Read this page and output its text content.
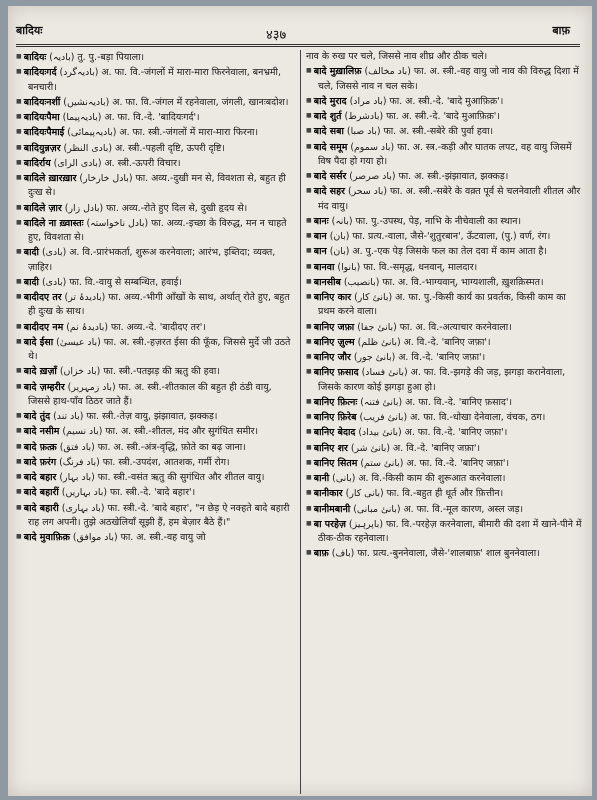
बादियः	४३७	बाफ़

■ बादियः (بادیہ) तु. पु.-बड़ा पियाला।

■ बादियःगर्द (بادیہ‌گرد) अ. फा. वि.-जंगलों में मारा-मारा फिरनेवाला, बनभ्रमी, बनचारी।

■ बादियःनशीं (بادیہ‌نشیں) अ. फा. वि.-जंगल में रहनेवाला, जंगली, खानःबदोश।

■ बादियःपैमा (بادیہ‌پیما) अ. फा. वि.-दे. 'बादियःगर्द'।

■ बादियःपैमाई (بادیہ‌پیمائی) अ. फा. स्त्री.-जंगलों में मारा-मारा फिरना।

■ बादियुन्नज़र (بادی النظر) अ. स्त्री.-पहली दृष्टि, ऊपरी दृष्टि।

■ बादिर्राय (بادی الرای) अ. स्त्री.-ऊपरी विचार।

■ बादिले ख़ारख़ार (بادل خارخار) फा. अव्य.-दुखी मन से, विवशता से, बहुत ही दुःख से।

■ बादिले ज़ार (بادل زار) फा. अव्य.-रोते हुए दिल से, दुखी हृदय से।

■ बादिले ना ख़्वास्तः (بادل ناخواستہ) फा. अव्य.-इच्छा के विरुद्ध, मन न चाहते हुए, विवशता से।

■ बादी (بادی) अ. वि.-प्रारंभकर्ता, शुरूअ करनेवाला; आरंभ, इब्तिदा; व्यक्त, ज़ाहिर।

■ बादी (بادی) फा. वि.-वायु से सम्बन्धित, हवाई।

■ बादीदए तर (بادیدۂ تر) फा. अव्य.-भीगी आँखों के साथ, अर्थात् रोते हुए, बहुत ही दुःख के साथ।

■ बादीदए नम (بادیدۂ نم) फा. अव्य.-दे. 'बादीदए तर'।

■ बादे ईसा (باد عیسیٰ) फा. अ. स्त्री.-हज़रत ईसा की फूँक, जिससे मुर्दे जी उठते थे।

■ बादे ख़ज़ाँ (باد خزاں) फा. स्त्री.-पतझड़ की ऋतु की हवा।

■ बादे ज़म्हरीर (باد زمہریر) फा. अ. स्त्री.-शीतकाल की बहुत ही ठंडी वायु, जिससे हाथ-पाँव ठिठर जाते हैं।

■ बादे तुंद (باد تند) फा. स्त्री.-तेज़ वायु, झंझावात, झक्कड़।

■ बादे नसीम (باد نسیم) फा. अ. स्त्री.-शीतल, मंद और सुगंधित समीर।

■ बादे फ़त्क़ (باد فتق) फा. अ. स्त्री.-अंत्र-वृद्धि, फ़ोते का बढ़ जाना।

■ बादे फ़रंग (باد فرنگ) फा. स्त्री.-उपदंश, आतशक, गर्मी रोग।

■ बादे बहार (باد بہار) फा. स्त्री.-वसंत ऋतु की सुगंधित और शीतल वायु।

■ बादे बहारीं (باد بہاریں) फा. स्त्री.-दे. 'बादे बहार'।

■ बादे बहारी (باد بہاری) फा. स्त्री.-दे. 'बादे बहार', "न छेड़ ऐ नक्हते बादे बहारी राह लग अपनी। तुझे अठखेलियाँ सूझी हैं, हम बेज़ार बैठे हैं।"

■ बादे मुवाफ़िक़ (باد موافق) फा. अ. स्त्री.-वह वायु जो

नाव के रुख पर चले, जिससे नाव शीघ्र और ठीक चले।

■ बादे मुख़ालिफ़ (باد مخالف) फा. अ. स्त्री.-वह वायु जो नाव की विरुद्ध दिशा में चले, जिससे नाव न चल सके।

■ बादे मुराद (باد مراد) फा. अ. स्त्री.-दे. 'बादे मुआफ़िक़'।

■ बादे शुर्त (بادشرط) फा. अ. स्त्री.-दे. 'बादे मुआफ़िक़'।

■ बादे सबा (باد صبا) फा. अ. स्त्री.-सबेरे की पुर्वा हवा।

■ बादे समूम (باد سموم) फा. अ. स्त्र.-कड़ी और घातक लपट, वह वायु जिसमें विष पैदा हो गया हो।

■ बादे सर्सर (باد صرصر) फा. अ. स्त्री.-झंझावात, झक्कड़।

■ बादे सहर (باد سحر) फा. अ. स्त्री.-सबेरे के वक़्त पूर्व से चलनेवाली शीतल और मंद वायु।

■ बानः (بانہ) फा. पु.-उपस्थ, पेड़, नाभि के नीचेवाली का स्थान।

■ बान (بان) फा. प्रत्य.-वाला, जैसे-'शुतुरबान', ऊँटवाला, (पु.) वर्ण, रंग।

■ बान (بان) अ. पु.-एक पेड़ जिसके फल का तेल दवा में काम आता है।

■ बानवा (بانوا) फा. वि.-समृद्ध, धनवान्, मालदार।

■ बानसीब (بانصیب) फा. अ. वि.-भाग्यवान्, भाग्यशाली, ख़ुशक़िस्मत।

■ बानिए कार (بانئ کار) अ. फा. पु.-किसी कार्य का प्रवर्तक, किसी काम का प्रथम करने वाला।

■ बानिए जफ़ा (بانئ جفا) फा. अ. वि.-अत्याचार करनेवाला।

■ बानिए ज़ुल्म (بانئ ظلم) अ. वि.-दे. 'बानिए जफ़ा'।

■ बानिए जौर (بانئ جور) अ. वि.-दे. 'बानिए जफ़ा'।

■ बानिए फ़साद (بانئ فساد) अ. फा. वि.-झगड़े की जड़, झगड़ा करानेवाला, जिसके कारण कोई झगड़ा हुआ हो।

■ बानिए फ़ित्नः (بانئ فتنہ) अ. फा. वि.-दे. 'बानिए फ़साद'।

■ बानिए फ़िरेब (بانئ فریب) अ. फा. वि.-धोखा देनेवाला, वंचक, ठग।

■ बानिए बेदाद (بانئ بیداد) अ. फा. वि.-दे. 'बानिए जफ़ा'।

■ बानिए शर (بانئ شر) अ. वि.-दे. 'बानिए जफ़ा'।

■ बानिए सितम (بانئ ستم) अ. फा. वि.-दे. 'बानिए जफ़ा'।

■ बानी (بانی) अ. वि.-किसी काम की शुरूआत करनेवाला।

■ बानीकार (بانی کار) फा. वि.-बहुत ही धूर्त और फ़ित्तीन।

■ बानीमबानी (بانئ مبانی) अ. फा. वि.-मूल कारण, अस्ल जड़।

■ बा परहेज़ (باپرہیز) फा. वि.-परहेज़ करनेवाला, बीमारी की दशा में खाने-पीने में ठीक-ठीक रहनेवाला।

■ बाफ़ (باف) फा. प्रत्य.-बुननेवाला, जैसे-'शालबाफ़' शाल बुननेवाला।
